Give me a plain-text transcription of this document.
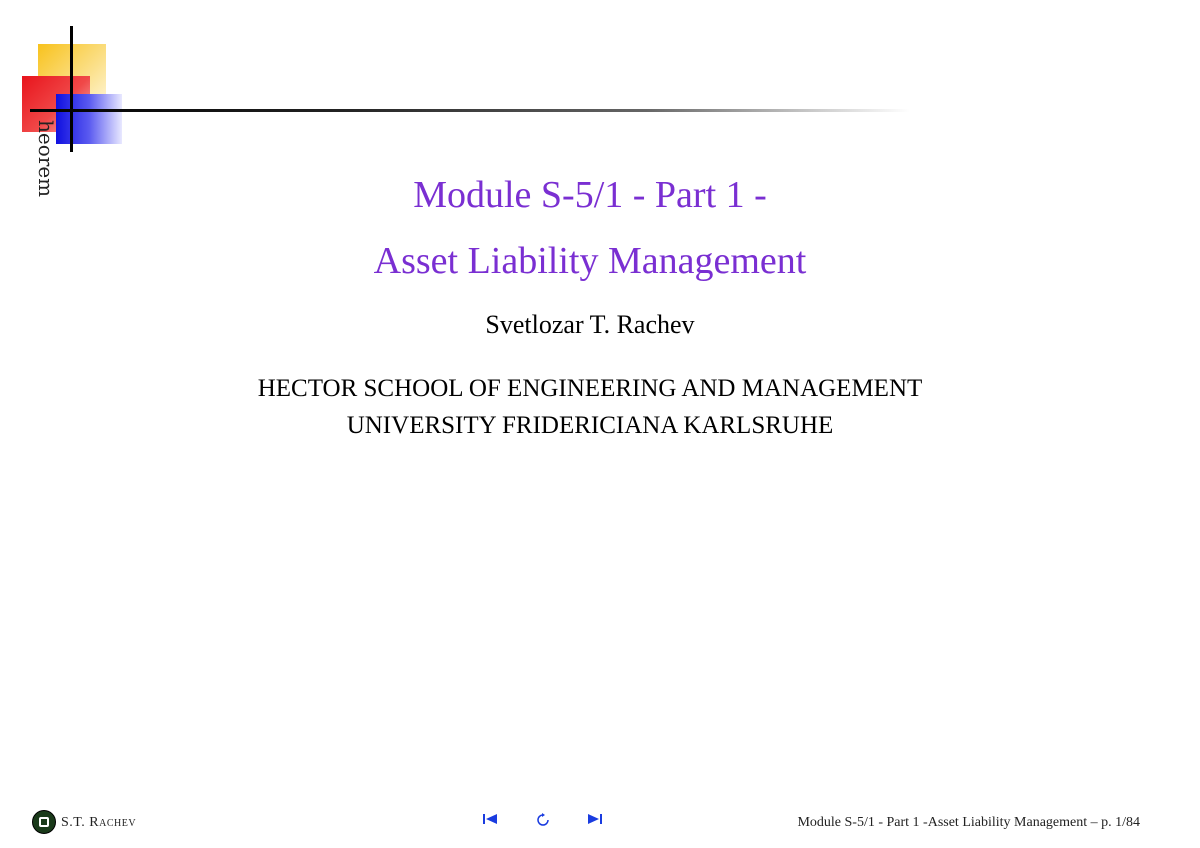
heorem	Module S-5/1 - Part 1 -
Asset Liability Management
Svetlozar T. Rachev
HECTOR SCHOOL OF ENGINEERING AND MANAGEMENT
UNIVERSITY FRIDERICIANA KARLSRUHE
S.T. Rachev	Module S-5/1 - Part 1 -Asset Liability Management – p. 1/84
